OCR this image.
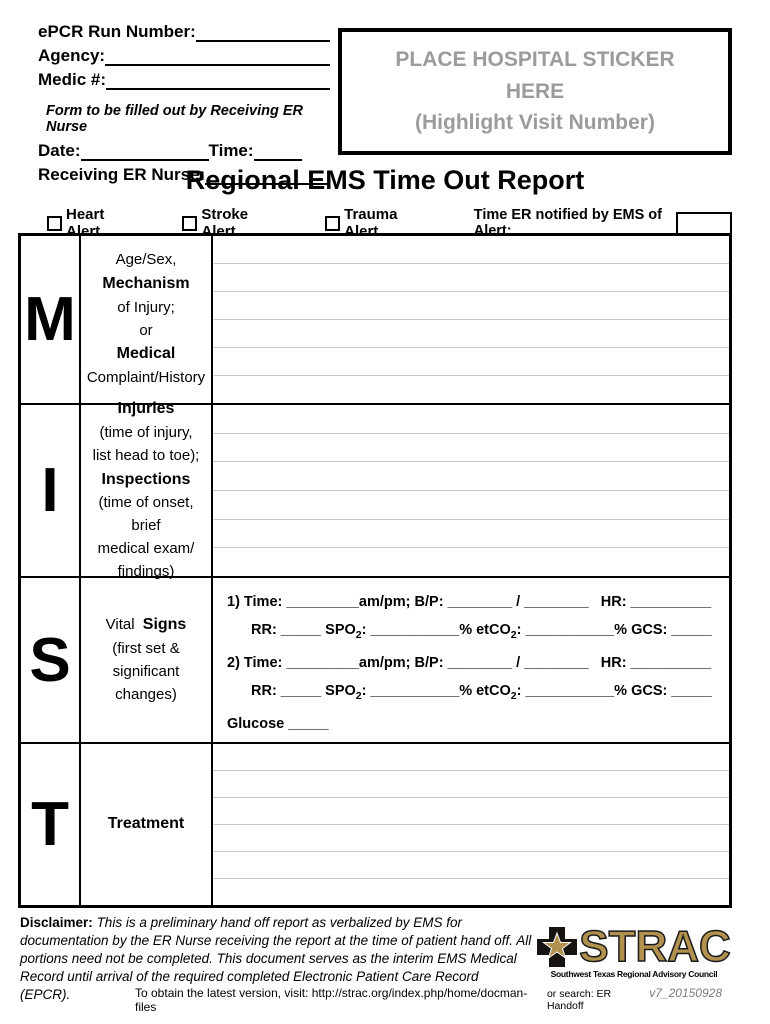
ePCR Run Number:
Agency:
Medic #:
Form to be filled out by Receiving ER Nurse
Date:	Time:
Receiving ER Nurse:
PLACE HOSPITAL STICKER
HERE
(Highlight Visit Number)
Regional EMS Time Out Report
Heart Alert
Stroke Alert
Trauma Alert
Time ER notified by EMS of Alert:
M
Age/Sex,
Mechanism
of Injury;
or
Medical
Complaint/History
I
Injuries
(time of injury,
list head to toe);
Inspections
(time of onset, brief
medical exam/
findings)
S
Vital Signs
(first set &
significant changes)
1) Time: _________am/pm; B/P: ________ / ________   HR: __________
RR: _____ $SPO_2$: ___________% etCO$_2$: ___________% GCS: _____
2) Time: _________am/pm; B/P: ________ / ________   HR: __________
RR: _____ $SPO_2$: ___________% etCO$_2$: ___________% GCS: _____
Glucose _____
T	Treatment
Disclaimer: This is a preliminary hand off report as verbalized by EMS for documentation by the ER Nurse receiving the report at the time of patient hand off. All portions need not be completed. This document serves as the interim EMS Medical Record until arrival of the required completed Electronic Patient Care Record (EPCR).
STRAC
Southwest Texas Regional Advisory Council
To obtain the latest version, visit: http://strac.org/index.php/home/docman-files
or search: ER Handoff
v7_20150928
